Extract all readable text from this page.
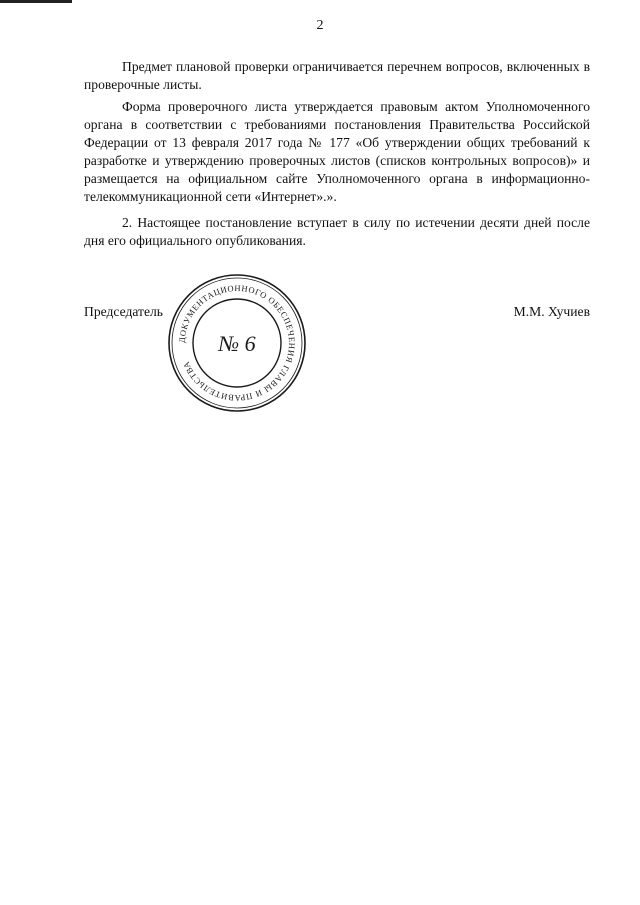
2

Предмет плановой проверки ограничивается перечнем вопросов, включенных в проверочные листы.

Форма проверочного листа утверждается правовым актом Уполномоченного органа в соответствии с требованиями постановления Правительства Российской Федерации от 13 февраля 2017 года № 177 «Об утверждении общих требований к разработке и утверждению проверочных листов (списков контрольных вопросов)» и размещается на официальном сайте Уполномоченного органа в информационно-телекоммуникационной сети «Интернет».».

2. Настоящее постановление вступает в силу по истечении десяти дней после дня его официального опубликования.

Председатель	М.М. Хучиев
ДОКУМЕНТАЦИОННОГО ОБЕСПЕЧЕНИЯ ГЛАВЫ И ПРАВИТЕЛЬСТВА
№ 6
